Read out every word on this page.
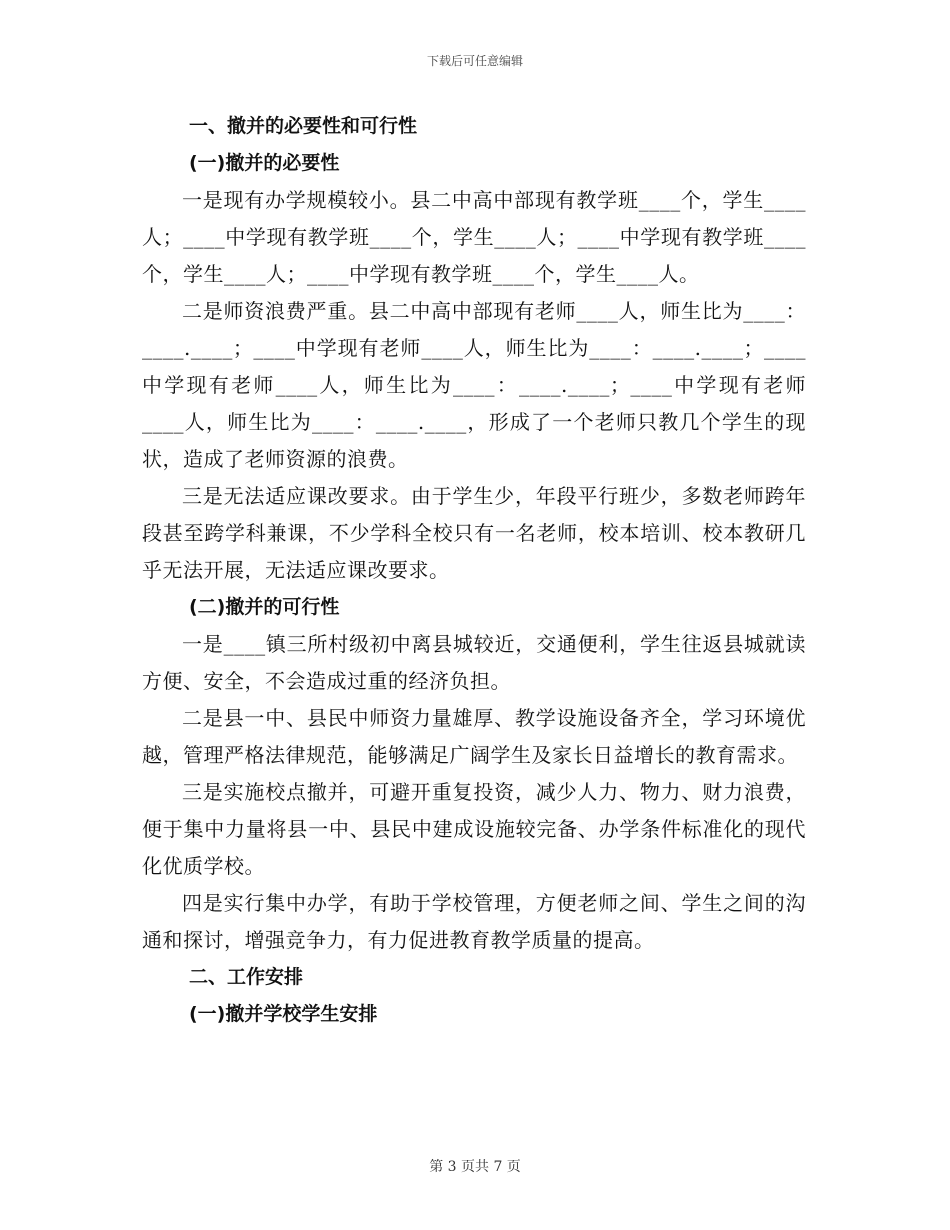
下载后可任意编辑
一、撤并的必要性和可行性
(一)撤并的必要性

一是现有办学规模较小。县二中高中部现有教学班____个，学生____人；____中学现有教学班____个，学生____人；____中学现有教学班____个，学生____人；____中学现有教学班____个，学生____人。

二是师资浪费严重。县二中高中部现有老师____人，师生比为____：____.____；____中学现有老师____人，师生比为____：____.____；____中学现有老师____人，师生比为____：____.____；____中学现有老师____人，师生比为____：____.____，形成了一个老师只教几个学生的现状，造成了老师资源的浪费。

三是无法适应课改要求。由于学生少，年段平行班少，多数老师跨年段甚至跨学科兼课，不少学科全校只有一名老师，校本培训、校本教研几乎无法开展，无法适应课改要求。

(二)撤并的可行性

一是____镇三所村级初中离县城较近，交通便利，学生往返县城就读方便、安全，不会造成过重的经济负担。

二是县一中、县民中师资力量雄厚、教学设施设备齐全，学习环境优越，管理严格法律规范，能够满足广阔学生及家长日益增长的教育需求。

三是实施校点撤并，可避开重复投资，减少人力、物力、财力浪费，便于集中力量将县一中、县民中建成设施较完备、办学条件标准化的现代化优质学校。

四是实行集中办学，有助于学校管理，方便老师之间、学生之间的沟通和探讨，增强竞争力，有力促进教育教学质量的提高。

二、工作安排
(一)撤并学校学生安排
第 3 页共 7 页
